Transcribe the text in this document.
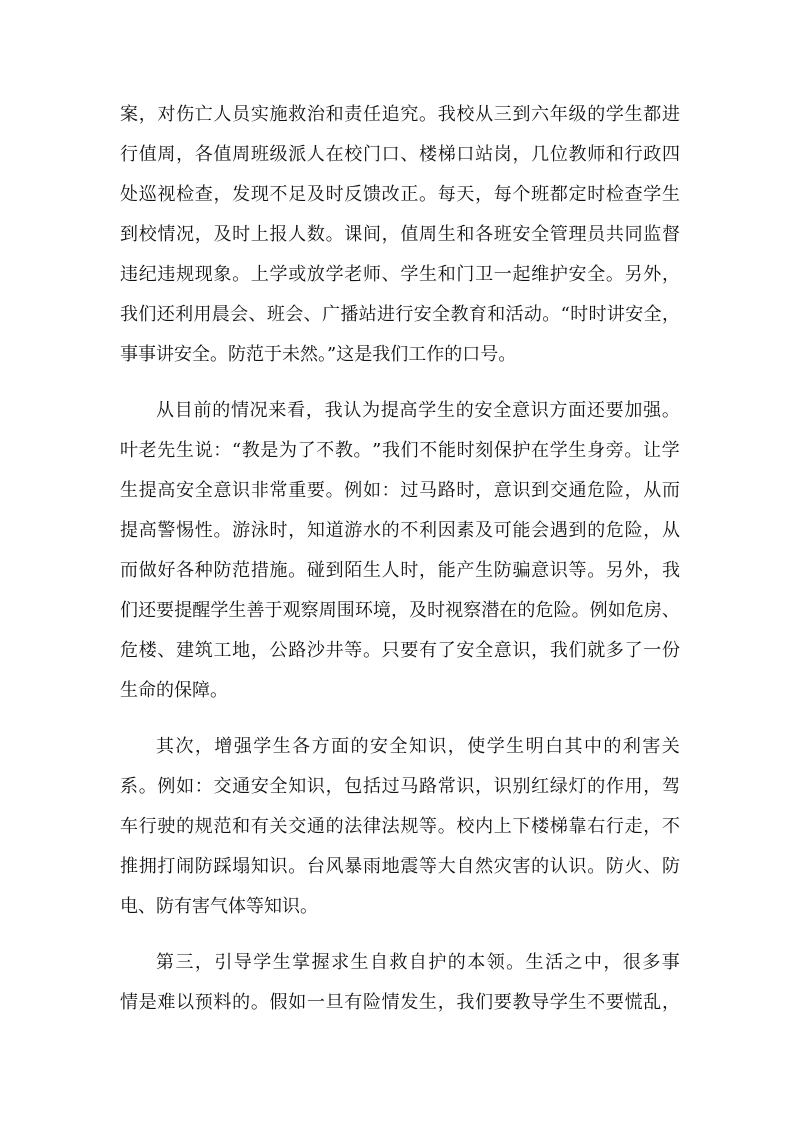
案 ， 对 伤 亡 人 员 实 施 救 治 和 责 任 追 究 。 我 校 从 三 到 六 年 级 的 学 生 都 进
行 值 周 ， 各 值 周 班 级 派 人 在 校 门 口 、 楼 梯 口 站 岗 ， 几 位 教 师 和 行 政 四
处 巡 视 检 查 ， 发 现 不 足 及 时 反 馈 改 正 。 每 天 ， 每 个 班 都 定 时 检 查 学 生
到 校 情 况 ， 及 时 上 报 人 数 。 课 间 ， 值 周 生 和 各 班 安 全 管 理 员 共 同 监 督
违 纪 违 规 现 象 。 上 学 或 放 学 老 师 、 学 生 和 门 卫 一 起 维 护 安 全 。 另 外 ，
我 们 还 利 用 晨 会 、 班 会 、 广 播 站 进 行 安 全 教 育 和 活 动 。 “ 时 时 讲 安 全 ，
事事讲安全。防范于未然。”这是我们工作的口号。
从 目 前 的 情 况 来 看 ， 我 认 为 提 高 学 生 的 安 全 意 识 方 面 还 要 加 强 。
叶 老 先 生 说 ： “ 教 是 为 了 不 教 。 ” 我 们 不 能 时 刻 保 护 在 学 生 身 旁 。 让 学
生 提 高 安 全 意 识 非 常 重 要 。 例 如 ： 过 马 路 时 ， 意 识 到 交 通 危 险 ， 从 而
提 高 警 惕 性 。 游 泳 时 ， 知 道 游 水 的 不 利 因 素 及 可 能 会 遇 到 的 危 险 ， 从
而 做 好 各 种 防 范 措 施 。 碰 到 陌 生 人 时 ， 能 产 生 防 骗 意 识 等 。 另 外 ， 我
们 还 要 提 醒 学 生 善 于 观 察 周 围 环 境 ， 及 时 视 察 潜 在 的 危 险 。 例 如 危 房 、
危 楼 、 建 筑 工 地 ， 公 路 沙 井 等 。 只 要 有 了 安 全 意 识 ， 我 们 就 多 了 一 份
生命的保障。
其 次 ， 增 强 学 生 各 方 面 的 安 全 知 识 ， 使 学 生 明 白 其 中 的 利 害 关
系 。 例 如 ： 交 通 安 全 知 识 ， 包 括 过 马 路 常 识 ， 识 别 红 绿 灯 的 作 用 ， 驾
车 行 驶 的 规 范 和 有 关 交 通 的 法 律 法 规 等 。 校 内 上 下 楼 梯 靠 右 行 走 ， 不
推 拥 打 闹 防 踩 塌 知 识 。 台 风 暴 雨 地 震 等 大 自 然 灾 害 的 认 识 。 防 火 、 防
电、防有害气体等知识。
第 三 ， 引 导 学 生 掌 握 求 生 自 救 自 护 的 本 领 。 生 活 之 中 ， 很 多 事
情 是 难 以 预 料 的 。 假 如 一 旦 有 险 情 发 生 ， 我 们 要 教 导 学 生 不 要 慌 乱 ，
